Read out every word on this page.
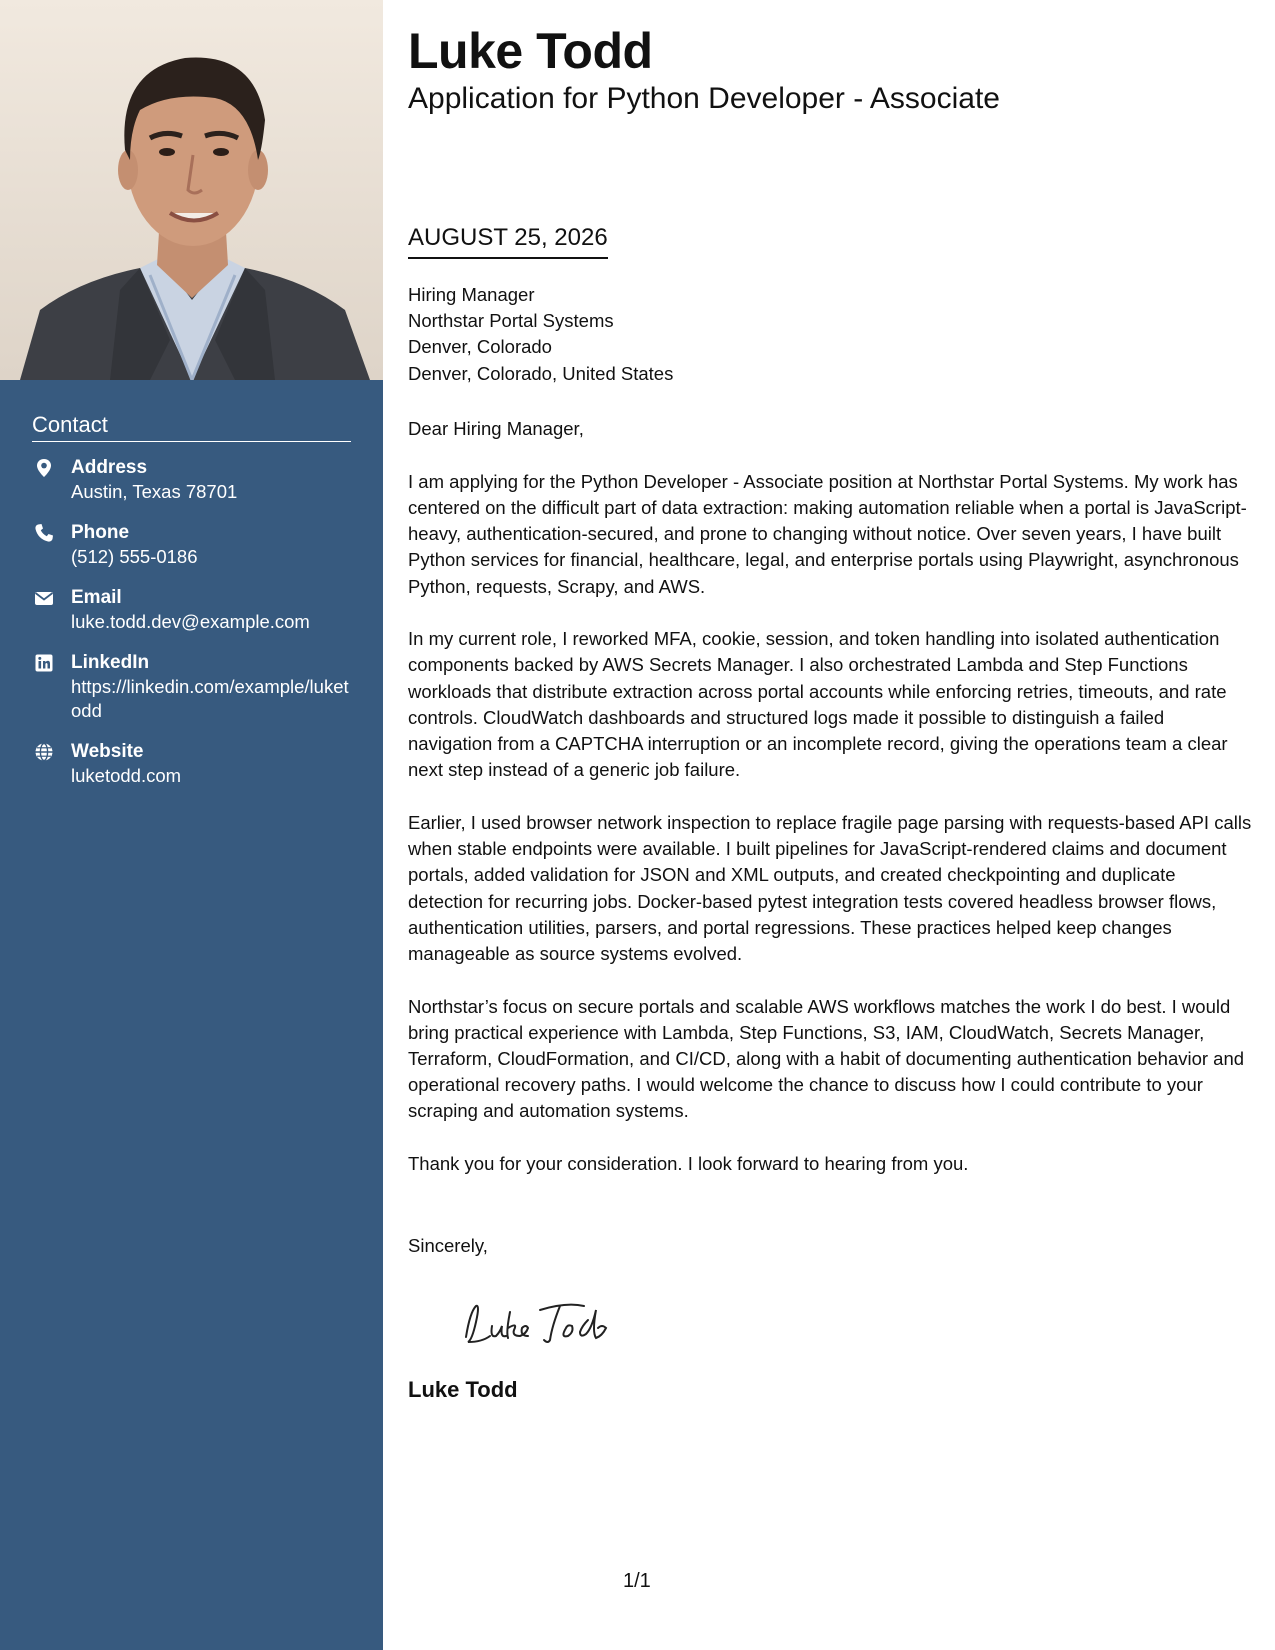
Contact
Address
Austin, Texas 78701
Phone
(512) 555-0186
Email
luke.todd.dev@example.com
LinkedIn
https://linkedin.com/example/luketodd
Website
luketodd.com
Luke Todd
Application for Python Developer - Associate
AUGUST 25, 2026
Hiring Manager
Northstar Portal Systems
Denver, Colorado
Denver, Colorado, United States

Dear Hiring Manager,

I am applying for the Python Developer - Associate position at Northstar Portal Systems. My work has centered on the difficult part of data extraction: making automation reliable when a portal is JavaScript-heavy, authentication-secured, and prone to changing without notice. Over seven years, I have built Python services for financial, healthcare, legal, and enterprise portals using Playwright, asynchronous Python, requests, Scrapy, and AWS.

In my current role, I reworked MFA, cookie, session, and token handling into isolated authentication components backed by AWS Secrets Manager. I also orchestrated Lambda and Step Functions workloads that distribute extraction across portal accounts while enforcing retries, timeouts, and rate controls. CloudWatch dashboards and structured logs made it possible to distinguish a failed navigation from a CAPTCHA interruption or an incomplete record, giving the operations team a clear next step instead of a generic job failure.

Earlier, I used browser network inspection to replace fragile page parsing with requests-based API calls when stable endpoints were available. I built pipelines for JavaScript-rendered claims and document portals, added validation for JSON and XML outputs, and created checkpointing and duplicate detection for recurring jobs. Docker-based pytest integration tests covered headless browser flows, authentication utilities, parsers, and portal regressions. These practices helped keep changes manageable as source systems evolved.

Northstar’s focus on secure portals and scalable AWS workflows matches the work I do best. I would bring practical experience with Lambda, Step Functions, S3, IAM, CloudWatch, Secrets Manager, Terraform, CloudFormation, and CI/CD, along with a habit of documenting authentication behavior and operational recovery paths. I would welcome the chance to discuss how I could contribute to your scraping and automation systems.

Thank you for your consideration. I look forward to hearing from you.

Sincerely,
Luke Todd
1/1
